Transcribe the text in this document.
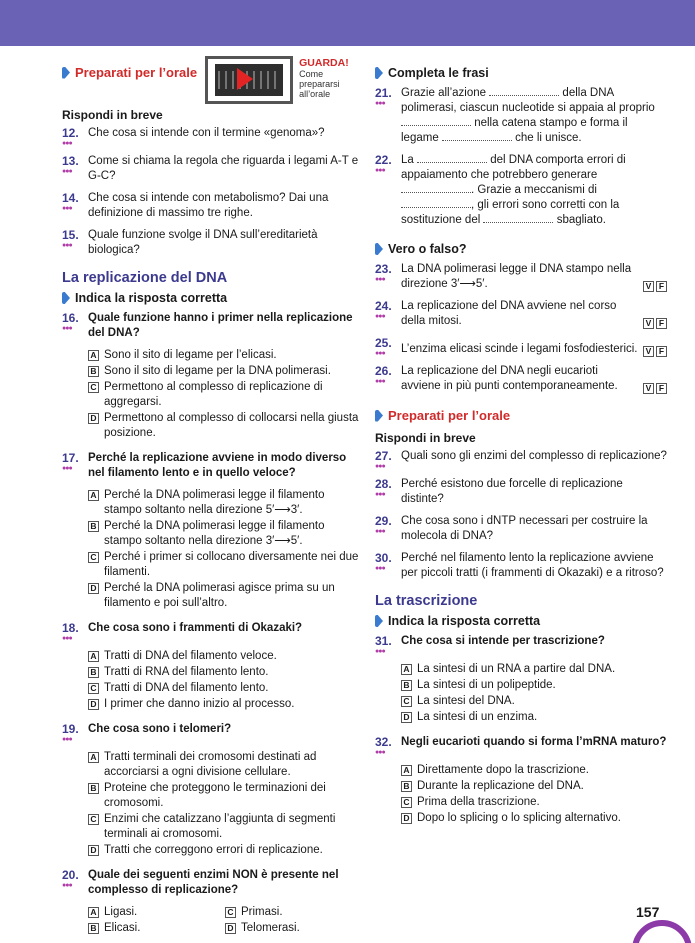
Preparati per l’orale
GUARDA!
Come
prepararsi
all’orale
Rispondi in breve
12.
●●●
Che cosa si intende con il termine «genoma»?
13.
●●●
Come si chiama la regola che riguarda i legami A-T e G-C?
14.
●●●
Che cosa si intende con metabolismo? Dai una definizione di massimo tre righe.
15.
●●●
Quale funzione svolge il DNA sull’ereditarietà biologica?
La replicazione del DNA
Indica la risposta corretta
16.
●●●
Quale funzione hanno i primer nella replicazione del DNA?
A Sono il sito di legame per l’elicasi.
B Sono il sito di legame per la DNA polimerasi.
C Permettono al complesso di replicazione di aggregarsi.
D Permettono al complesso di collocarsi nella giusta posizione.
17.
●●●
Perché la replicazione avviene in modo diverso nel filamento lento e in quello veloce?
A Perché la DNA polimerasi legge il filamento stampo soltanto nella direzione 5′⟶3′.
B Perché la DNA polimerasi legge il filamento stampo soltanto nella direzione 3′⟶5′.
C Perché i primer si collocano diversamente nei due filamenti.
D Perché la DNA polimerasi agisce prima su un filamento e poi sull’altro.
18.
●●●
Che cosa sono i frammenti di Okazaki?
A Tratti di DNA del filamento veloce.
B Tratti di RNA del filamento lento.
C Tratti di DNA del filamento lento.
D I primer che danno inizio al processo.
19.
●●●
Che cosa sono i telomeri?
A Tratti terminali dei cromosomi destinati ad accorciarsi a ogni divisione cellulare.
B Proteine che proteggono le terminazioni dei cromosomi.
C Enzimi che catalizzano l’aggiunta di segmenti terminali ai cromosomi.
D Tratti che correggono errori di replicazione.
20.
●●●
Quale dei seguenti enzimi NON è presente nel complesso di replicazione?
A Ligasi.	C Primasi.
B Elicasi.	D Telomerasi.
Completa le frasi
21.
●●●
Grazie all’azione	della DNA polimerasi, ciascun nucleotide si appaia al proprio  nella catena stampo e forma il legame	che li unisce.
22.
●●●
La	del DNA comporta errori di appaiamento che potrebbero generare . Grazie a meccanismi di , gli errori sono corretti con la sostituzione del	sbagliato.
Vero o falso?
23.
●●●
La DNA polimerasi legge il DNA stampo nella direzione 3′⟶5′.	V F
24.
●●●
La replicazione del DNA avviene nel corso della mitosi.	V F
25.
●●●	L’enzima elicasi scinde i legami fosfodiesterici. V F
26.
●●●
La replicazione del DNA negli eucarioti avviene in più punti contemporaneamente.	V F
Preparati per l’orale
Rispondi in breve
27.
●●●
Quali sono gli enzimi del complesso di replicazione?
28.
●●●
Perché esistono due forcelle di replicazione distinte?
29.
●●●
Che cosa sono i dNTP necessari per costruire la molecola di DNA?
30.
●●●
Perché nel filamento lento la replicazione avviene per piccoli tratti (i frammenti di Okazaki) e a ritroso?
La trascrizione
Indica la risposta corretta
31.
●●●
Che cosa si intende per trascrizione?
A La sintesi di un RNA a partire dal DNA.
B La sintesi di un polipeptide.
C La sintesi del DNA.
D La sintesi di un enzima.
32.
●●●
Negli eucarioti quando si forma l’mRNA maturo?
A Direttamente dopo la trascrizione.
B Durante la replicazione del DNA.
C Prima della trascrizione.
D Dopo lo splicing o lo splicing alternativo.
157
